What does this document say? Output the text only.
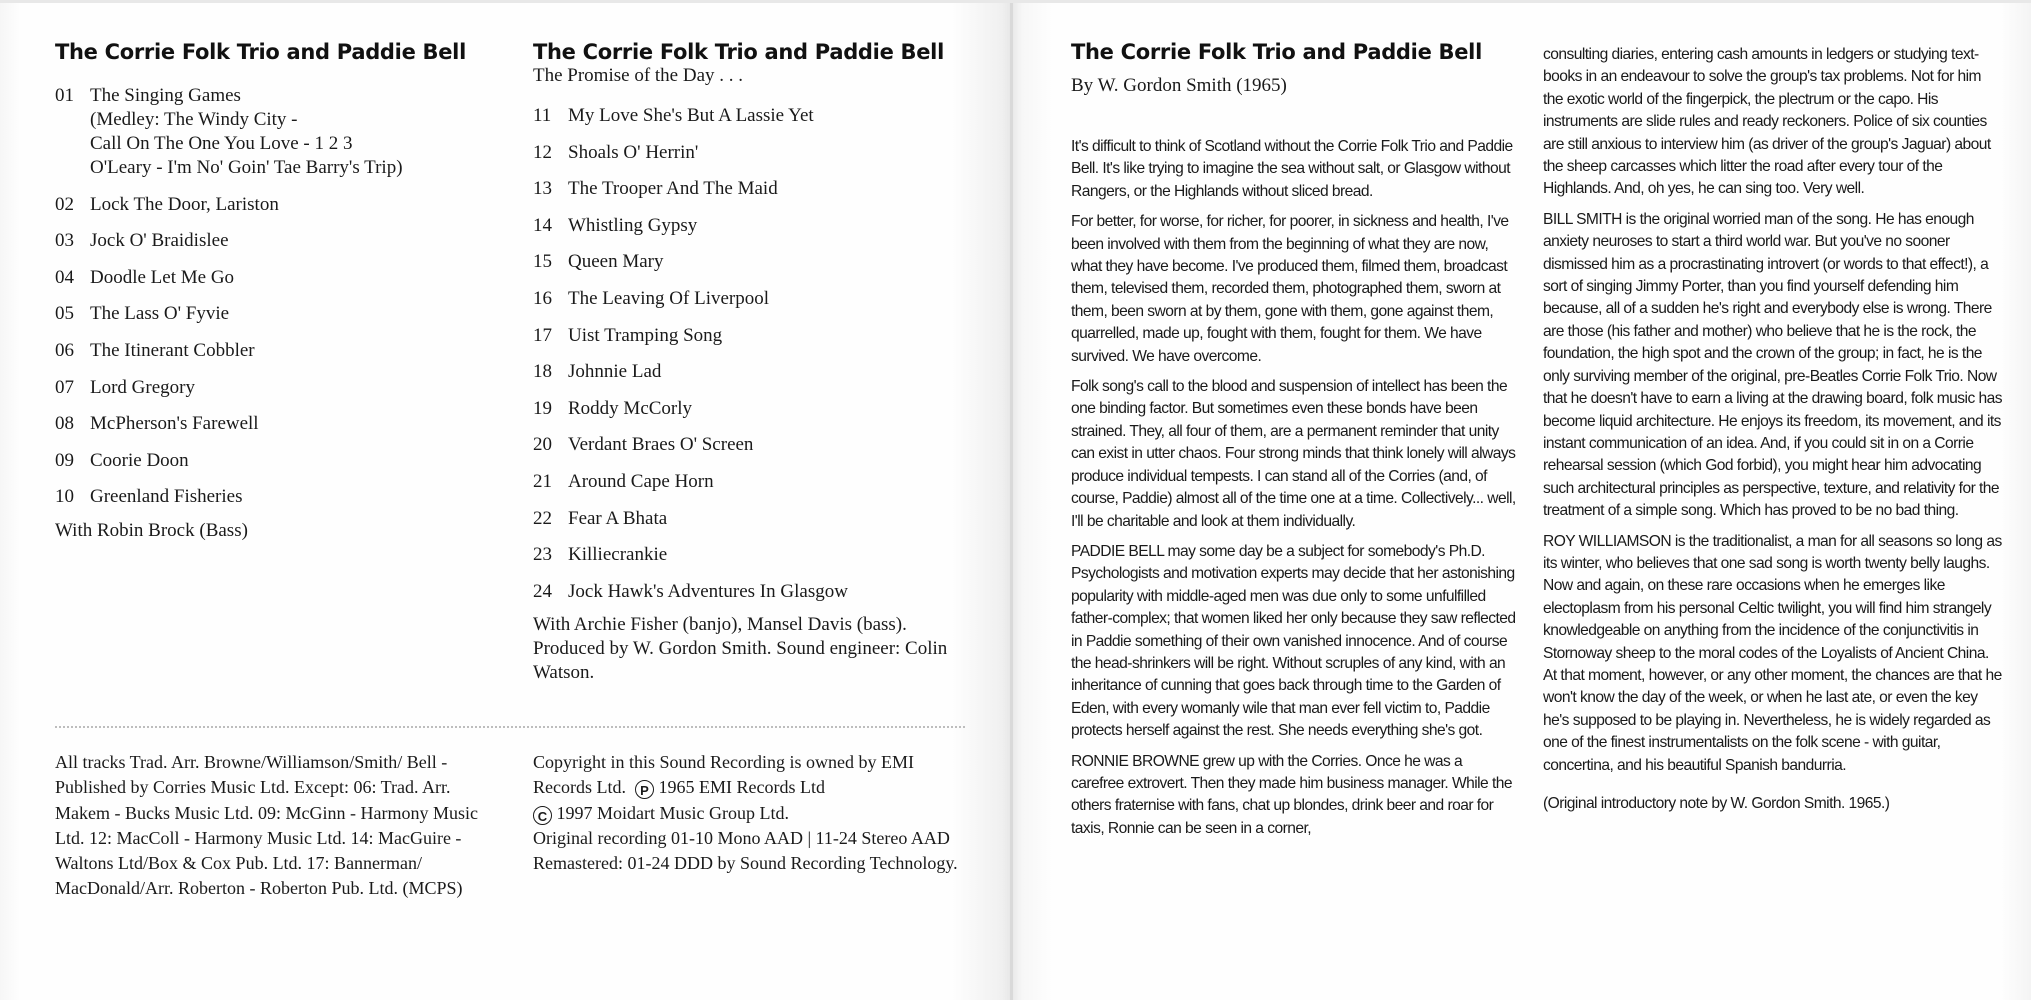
The Corrie Folk Trio and Paddie Bell
01 The Singing Games
(Medley: The Windy City -
Call On The One You Love - 1 2 3
O'Leary - I'm No' Goin' Tae Barry's Trip)
02 Lock The Door, Lariston
03 Jock O' Braidislee
04 Doodle Let Me Go
05 The Lass O' Fyvie
06 The Itinerant Cobbler
07 Lord Gregory
08 McPherson's Farewell
09 Coorie Doon
10 Greenland Fisheries
With Robin Brock (Bass)
The Corrie Folk Trio and Paddie Bell
The Promise of the Day . . .
11 My Love She's But A Lassie Yet
12 Shoals O' Herrin'
13 The Trooper And The Maid
14 Whistling Gypsy
15 Queen Mary
16 The Leaving Of Liverpool
17 Uist Tramping Song
18 Johnnie Lad
19 Roddy McCorly
20 Verdant Braes O' Screen
21 Around Cape Horn
22 Fear A Bhata
23 Killiecrankie
24 Jock Hawk's Adventures In Glasgow
With Archie Fisher (banjo), Mansel Davis (bass). Produced by W. Gordon Smith. Sound engineer: Colin Watson.
All tracks Trad. Arr. Browne/Williamson/Smith/ Bell - Published by Corries Music Ltd. Except: 06: Trad. Arr. Makem - Bucks Music Ltd. 09: McGinn - Harmony Music Ltd. 12: MacColl - Harmony Music Ltd. 14: MacGuire - Waltons Ltd/Box & Cox Pub. Ltd. 17: Bannerman/ MacDonald/Arr. Roberton - Roberton Pub. Ltd. (MCPS)
Copyright in this Sound Recording is owned by EMI Records Ltd. P 1965 EMI Records Ltd
C 1997 Moidart Music Group Ltd.
Original recording 01-10 Mono AAD | 11-24 Stereo AAD Remastered: 01-24 DDD by Sound Recording Technology.
The Corrie Folk Trio and Paddie Bell
By W. Gordon Smith (1965)

It's difficult to think of Scotland without the Corrie Folk Trio and Paddie Bell. It's like trying to imagine the sea without salt, or Glasgow without Rangers, or the Highlands without sliced bread.

For better, for worse, for richer, for poorer, in sickness and health, I've been involved with them from the beginning of what they are now, what they have become. I've produced them, filmed them, broadcast them, televised them, recorded them, photographed them, sworn at them, been sworn at by them, gone with them, gone against them, quarrelled, made up, fought with them, fought for them. We have survived. We have overcome.

Folk song's call to the blood and suspension of intellect has been the one binding factor. But sometimes even these bonds have been strained. They, all four of them, are a permanent reminder that unity can exist in utter chaos. Four strong minds that think lonely will always produce individual tempests. I can stand all of the Corries (and, of course, Paddie) almost all of the time one at a time. Collectively... well, I'll be charitable and look at them individually.

PADDIE BELL may some day be a subject for somebody's Ph.D. Psychologists and motivation experts may decide that her astonishing popularity with middle-aged men was due only to some unfulfilled father-complex; that women liked her only because they saw reflected in Paddie something of their own vanished innocence. And of course the head-shrinkers will be right. Without scruples of any kind, with an inheritance of cunning that goes back through time to the Garden of Eden, with every womanly wile that man ever fell victim to, Paddie protects herself against the rest. She needs everything she's got.

RONNIE BROWNE grew up with the Corries. Once he was a carefree extrovert. Then they made him business manager. While the others fraternise with fans, chat up blondes, drink beer and roar for taxis, Ronnie can be seen in a corner,

consulting diaries, entering cash amounts in ledgers or studying text-books in an endeavour to solve the group's tax problems. Not for him the exotic world of the fingerpick, the plectrum or the capo. His instruments are slide rules and ready reckoners. Police of six counties are still anxious to interview him (as driver of the group's Jaguar) about the sheep carcasses which litter the road after every tour of the Highlands. And, oh yes, he can sing too. Very well.

BILL SMITH is the original worried man of the song. He has enough anxiety neuroses to start a third world war. But you've no sooner dismissed him as a procrastinating introvert (or words to that effect!), a sort of singing Jimmy Porter, than you find yourself defending him because, all of a sudden he's right and everybody else is wrong. There are those (his father and mother) who believe that he is the rock, the foundation, the high spot and the crown of the group; in fact, he is the only surviving member of the original, pre-Beatles Corrie Folk Trio. Now that he doesn't have to earn a living at the drawing board, folk music has become liquid architecture. He enjoys its freedom, its movement, and its instant communication of an idea. And, if you could sit in on a Corrie rehearsal session (which God forbid), you might hear him advocating such architectural principles as perspective, texture, and relativity for the treatment of a simple song. Which has proved to be no bad thing.

ROY WILLIAMSON is the traditionalist, a man for all seasons so long as its winter, who believes that one sad song is worth twenty belly laughs. Now and again, on these rare occasions when he emerges like electoplasm from his personal Celtic twilight, you will find him strangely knowledgeable on anything from the incidence of the conjunctivitis in Stornoway sheep to the moral codes of the Loyalists of Ancient China. At that moment, however, or any other moment, the chances are that he won't know the day of the week, or when he last ate, or even the key he's supposed to be playing in. Nevertheless, he is widely regarded as one of the finest instrumentalists on the folk scene - with guitar, concertina, and his beautiful Spanish bandurria.

(Original introductory note by W. Gordon Smith. 1965.)
